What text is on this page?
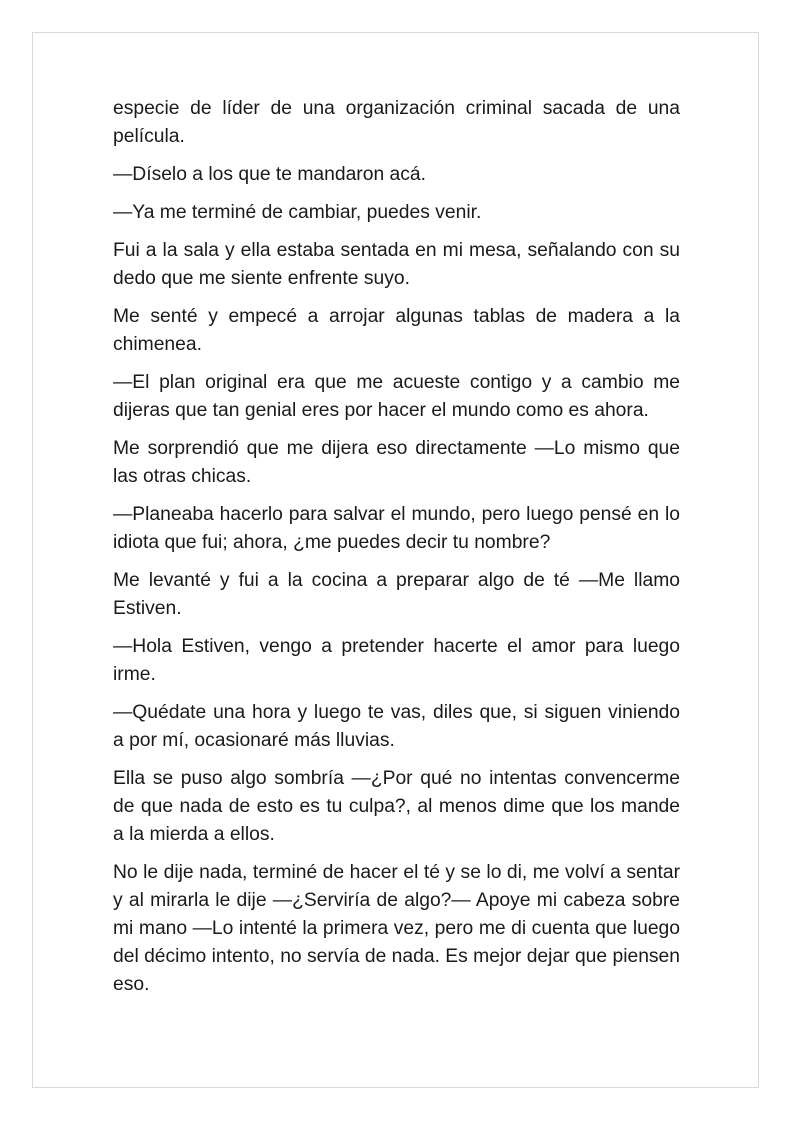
especie de líder de una organización criminal sacada de una película.

—Díselo a los que te mandaron acá.

—Ya me terminé de cambiar, puedes venir.

Fui a la sala y ella estaba sentada en mi mesa, señalando con su dedo que me siente enfrente suyo.

Me senté y empecé a arrojar algunas tablas de madera a la chimenea.

—El plan original era que me acueste contigo y a cambio me dijeras que tan genial eres por hacer el mundo como es ahora.

Me sorprendió que me dijera eso directamente —Lo mismo que las otras chicas.

—Planeaba hacerlo para salvar el mundo, pero luego pensé en lo idiota que fui; ahora, ¿me puedes decir tu nombre?

Me levanté y fui a la cocina a preparar algo de té —Me llamo Estiven.

—Hola Estiven, vengo a pretender hacerte el amor para luego irme.

—Quédate una hora y luego te vas, diles que, si siguen viniendo a por mí, ocasionaré más lluvias.

Ella se puso algo sombría —¿Por qué no intentas convencerme de que nada de esto es tu culpa?, al menos dime que los mande a la mierda a ellos.

No le dije nada, terminé de hacer el té y se lo di, me volví a sentar y al mirarla le dije —¿Serviría de algo?— Apoye mi cabeza sobre mi mano —Lo intenté la primera vez, pero me di cuenta que luego del décimo intento, no servía de nada. Es mejor dejar que piensen eso.
